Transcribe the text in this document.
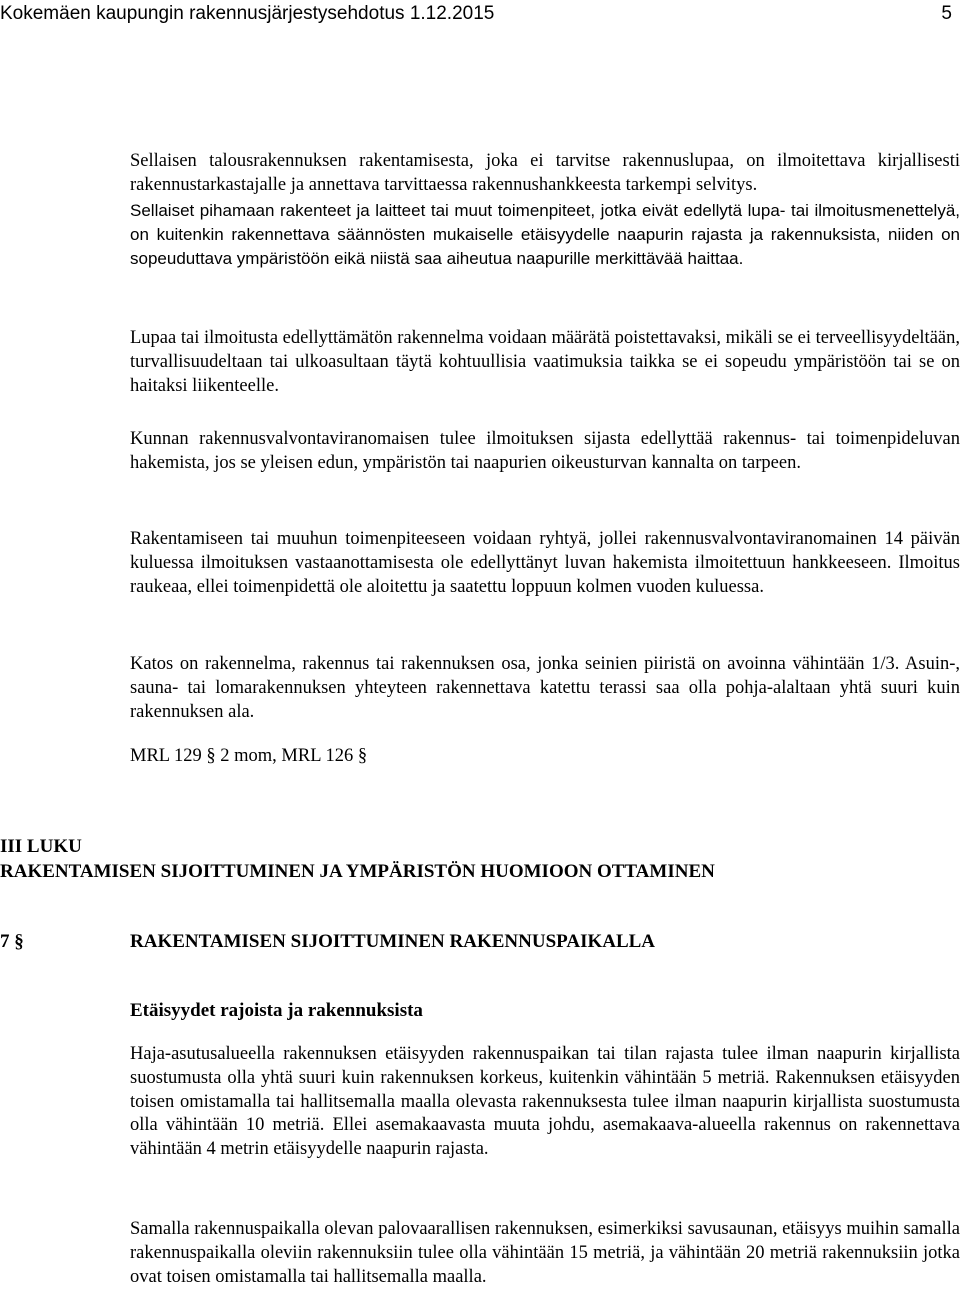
Kokemäen kaupungin rakennusjärjestysehdotus 1.12.2015	5

Sellaisen talousrakennuksen rakentamisesta, joka ei tarvitse rakennuslupaa, on ilmoitettava kirjallisesti rakennustarkastajalle ja annettava tarvittaessa rakennushankkeesta tarkempi selvitys.

Sellaiset pihamaan rakenteet ja laitteet tai muut toimenpiteet, jotka eivät edellytä lupa- tai ilmoitusmenettelyä, on kuitenkin rakennettava säännösten mukaiselle etäisyydelle naapurin rajasta ja rakennuksista, niiden on sopeuduttava ympäristöön eikä niistä saa aiheutua naapurille merkittävää haittaa.

Lupaa tai ilmoitusta edellyttämätön rakennelma voidaan määrätä poistettavaksi, mikäli se ei terveellisyydeltään, turvallisuudeltaan tai ulkoasultaan täytä kohtuullisia vaatimuksia taikka se ei sopeudu ympäristöön tai se on haitaksi liikenteelle.

Kunnan rakennusvalvontaviranomaisen tulee ilmoituksen sijasta edellyttää rakennus- tai toimenpideluvan hakemista, jos se yleisen edun, ympäristön tai naapurien oikeusturvan kannalta on tarpeen.

Rakentamiseen tai muuhun toimenpiteeseen voidaan ryhtyä, jollei rakennusvalvontaviranomainen 14 päivän kuluessa ilmoituksen vastaanottamisesta ole edellyttänyt luvan hakemista ilmoitettuun hankkeeseen. Ilmoitus raukeaa, ellei toimenpidettä ole aloitettu ja saatettu loppuun kolmen vuoden kuluessa.

Katos on rakennelma, rakennus tai rakennuksen osa, jonka seinien piiristä on avoinna vähintään 1/3. Asuin-, sauna- tai lomarakennuksen yhteyteen rakennettava katettu terassi saa olla pohja-alaltaan yhtä suuri kuin rakennuksen ala.

MRL 129 § 2 mom, MRL 126 §

III LUKU
RAKENTAMISEN SIJOITTUMINEN JA YMPÄRISTÖN HUOMIOON OTTAMINEN
7 §	RAKENTAMISEN SIJOITTUMINEN RAKENNUSPAIKALLA
Etäisyydet rajoista ja rakennuksista

Haja-asutusalueella rakennuksen etäisyyden rakennuspaikan tai tilan rajasta tulee ilman naapurin kirjallista suostumusta olla yhtä suuri kuin rakennuksen korkeus, kuitenkin vähintään 5 metriä. Rakennuksen etäisyyden toisen omistamalla tai hallitsemalla maalla olevasta rakennuksesta tulee ilman naapurin kirjallista suostumusta olla vähintään 10 metriä. Ellei asemakaavasta muuta johdu, asemakaava-alueella rakennus on rakennettava vähintään 4 metrin etäisyydelle naapurin rajasta.

Samalla rakennuspaikalla olevan palovaarallisen rakennuksen, esimerkiksi savusaunan, etäisyys muihin samalla rakennuspaikalla oleviin rakennuksiin tulee olla vähintään 15 metriä, ja vähintään 20 metriä rakennuksiin jotka ovat toisen omistamalla tai hallitsemalla maalla.
